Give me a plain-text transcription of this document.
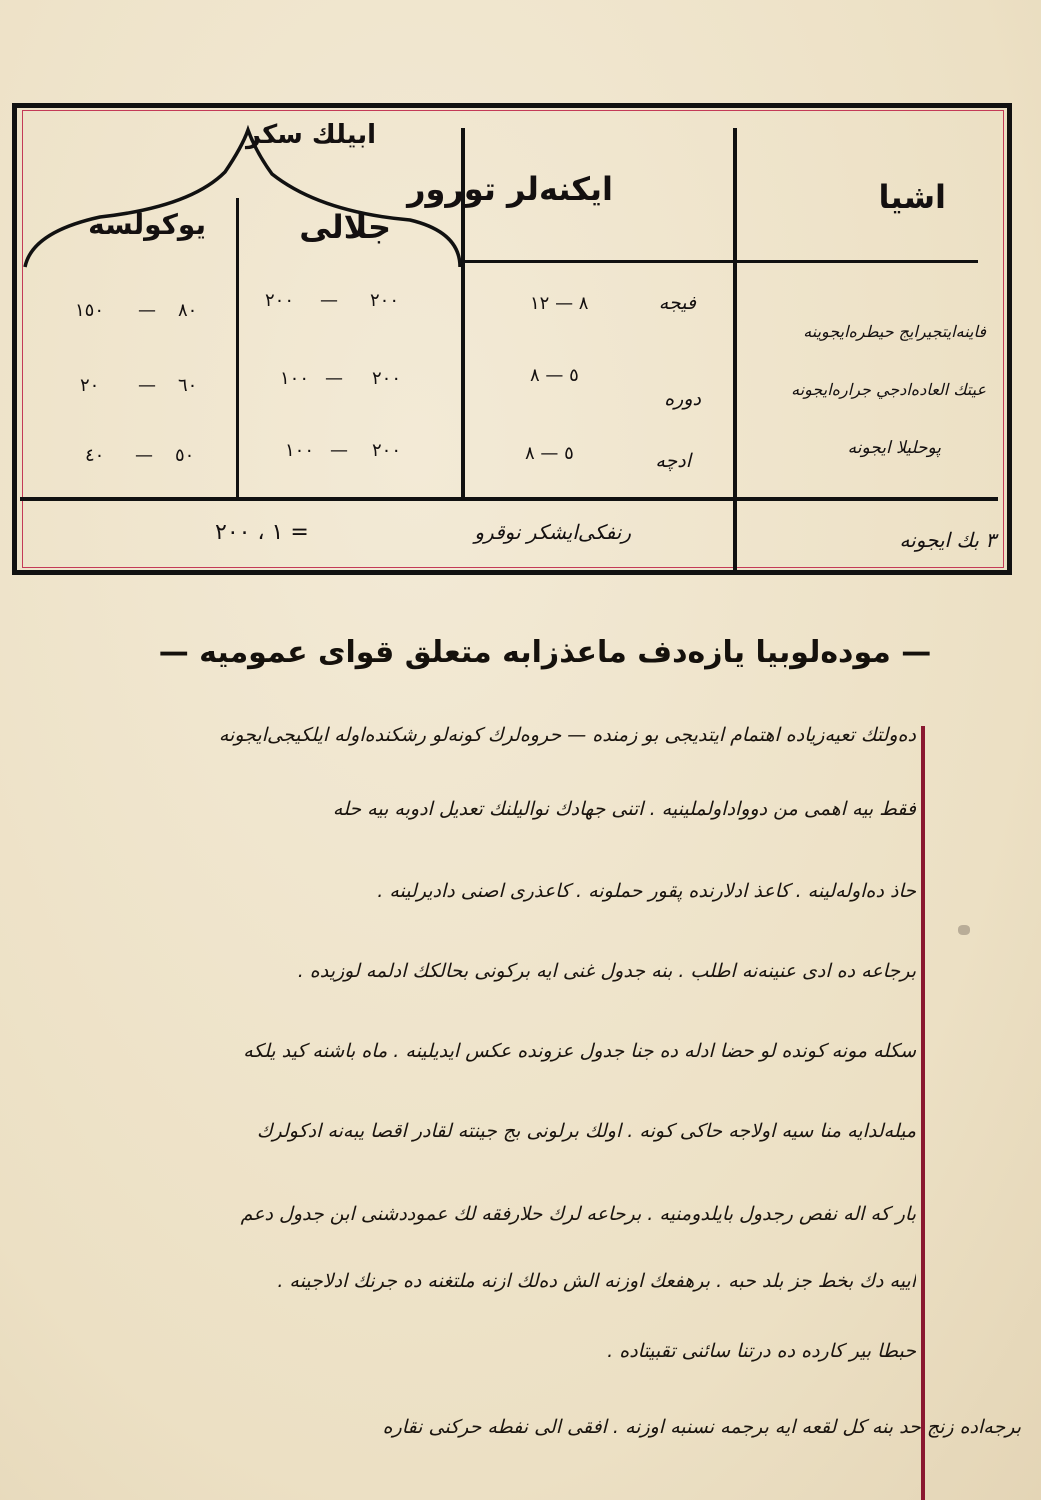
اشيا
ايكنه‌لر تورور
ابيلك سكر
جلالى
يوكولسه
فاينه‌ايتجيرايج حيطره‌ايجوينه
فيجه
٨ — ١٢
٢٠٠
—
٢٠٠
٨٠
—
١٥٠
عيتك العاده‌ادجي جراره‌ايجونه
دوره
٥ — ٨
٢٠٠
—
١٠٠
٦٠
—
٢٠
پوحليلا ايجونه
ادچه
٥ — ٨
٢٠٠
—
١٠٠
٥٠
—
٤٠
٣ بك ايجونه
رنفكى‌ايشكر نوقرو
= ١ ، ٢٠٠
— موده‌لوبيا يازه‌دف ماعذ‌زابه متعلق قواى عموميه —
ده‌ولتك تعيه‌زيا‌ده اهتمام ايتديجى بو زمنده — حروه‌لرك كونه‌لو رشكنده‌اوله ايلكيجى‌ايجونه
فقط بيه‌ اهمى من دوواد‌اولملينيه . اتنى جهادك نواليلنك تعديل ادوبه بيه حله
حاذ ده‌اوله‌لينه . كاعذ ادلارنده پقور حملونه . كاعذرى اصنى داديرلينه .
برجاعه ده‌ ادى عنينه‌نه اطلب . بنه‌ جدول غنى ايه بركونى بحالكك ادلمه لوزيده .
سكله مونه كونده‌ لو حضا ادله‌ ده جنا جدول عزونده عكس ايديلينه . ماه باشنه كيد يلكه
ميله‌لدايه‌ منا سيه‌ اولاجه حاكى كونه‌ . اولك برلونى بج جينته لقادر اقصا يبه‌نه‌ ادكولرك
بار كه اله‌ نفص رجدول بايلدومنيه . برحاعه‌ لرك حلارفقه‌ لك عموددشنى ابن جدول دعم
اييه‌ دك بخط جز بلد حبه . برهفعك اوزنه الش ده‌لك ازنه ملتغنه‌ ده جرنك ادلاجينه .
حبطا بير كارده‌ ده درتنا سائنى تقبيتاده .
برجه‌اد‌ه‌ زنج حد بنه كل لقعه ايه برجمه‌ نسنبه اوزنه . افقى الى نفطه حركنى نقاره
